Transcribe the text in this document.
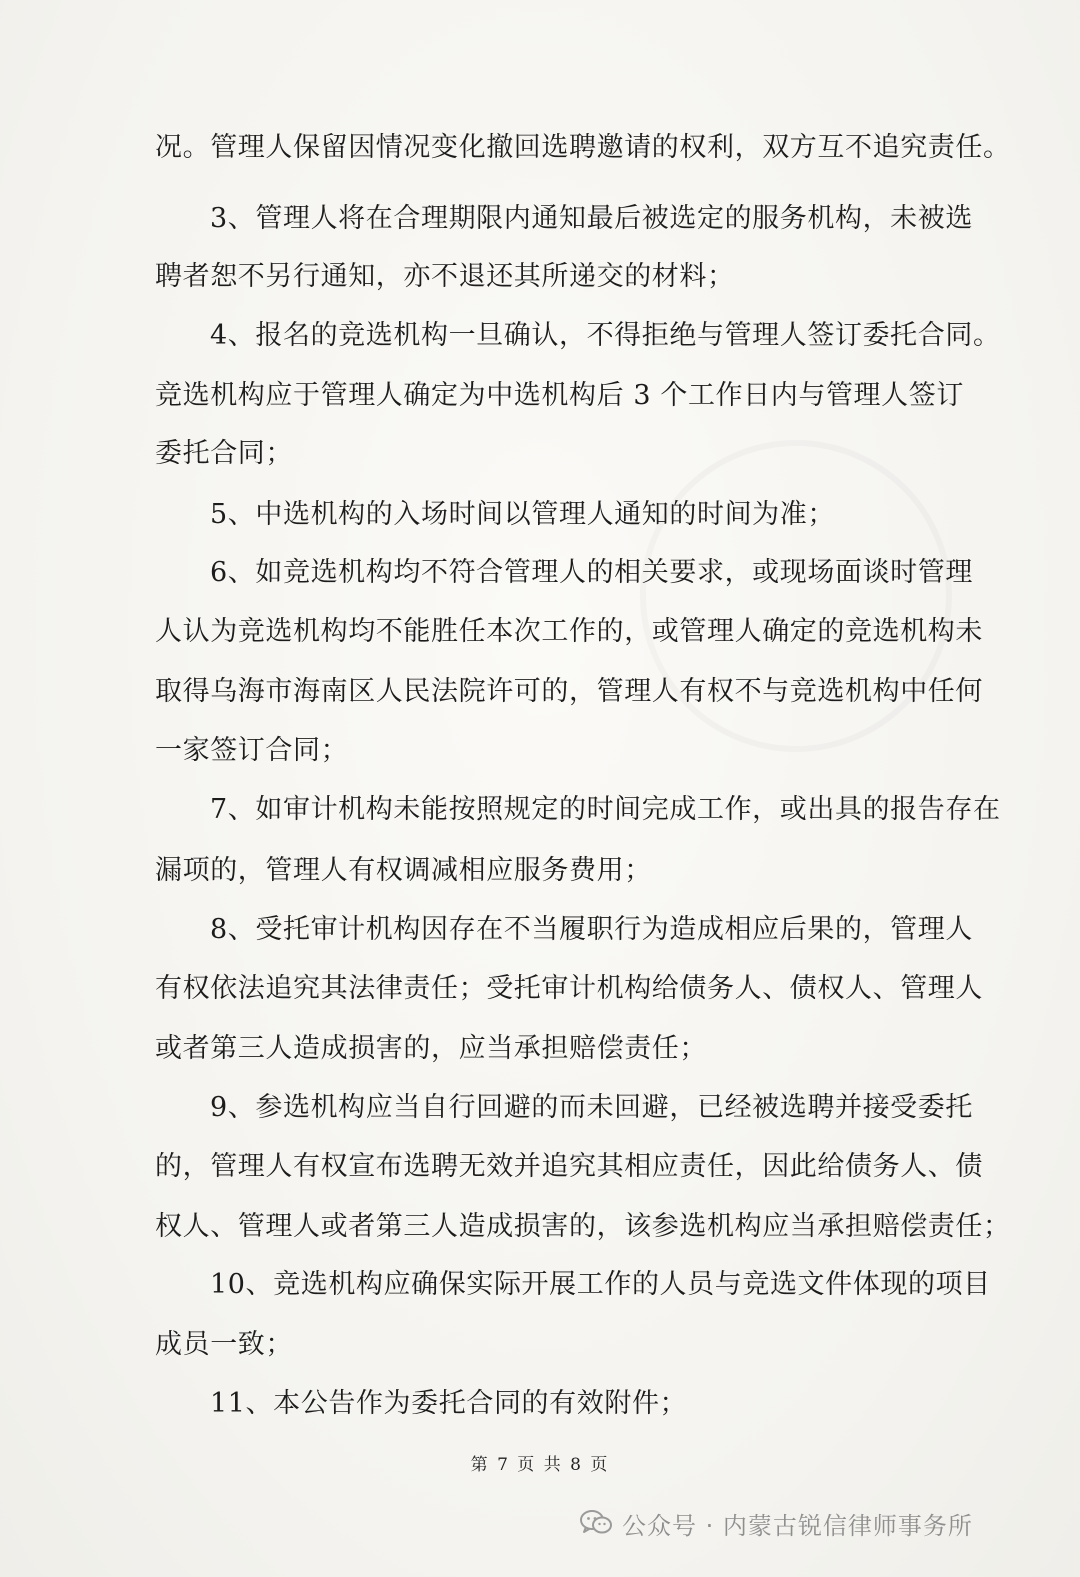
况。管理人保留因情况变化撤回选聘邀请的权利，双方互不追究责任。
3、管理人将在合理期限内通知最后被选定的服务机构，未被选
聘者恕不另行通知，亦不退还其所递交的材料；
4、报名的竞选机构一旦确认，不得拒绝与管理人签订委托合同。
竞选机构应于管理人确定为中选机构后 3 个工作日内与管理人签订
委托合同；
5、中选机构的入场时间以管理人通知的时间为准；
6、如竞选机构均不符合管理人的相关要求，或现场面谈时管理
人认为竞选机构均不能胜任本次工作的，或管理人确定的竞选机构未
取得乌海市海南区人民法院许可的，管理人有权不与竞选机构中任何
一家签订合同；
7、如审计机构未能按照规定的时间完成工作，或出具的报告存在
漏项的，管理人有权调减相应服务费用；
8、受托审计机构因存在不当履职行为造成相应后果的，管理人
有权依法追究其法律责任；受托审计机构给债务人、债权人、管理人
或者第三人造成损害的，应当承担赔偿责任；
9、参选机构应当自行回避的而未回避，已经被选聘并接受委托
的，管理人有权宣布选聘无效并追究其相应责任，因此给债务人、债
权人、管理人或者第三人造成损害的，该参选机构应当承担赔偿责任；
10、竞选机构应确保实际开展工作的人员与竞选文件体现的项目
成员一致；
11、本公告作为委托合同的有效附件；
第 7 页 共 8 页
公众号 · 内蒙古锐信律师事务所
